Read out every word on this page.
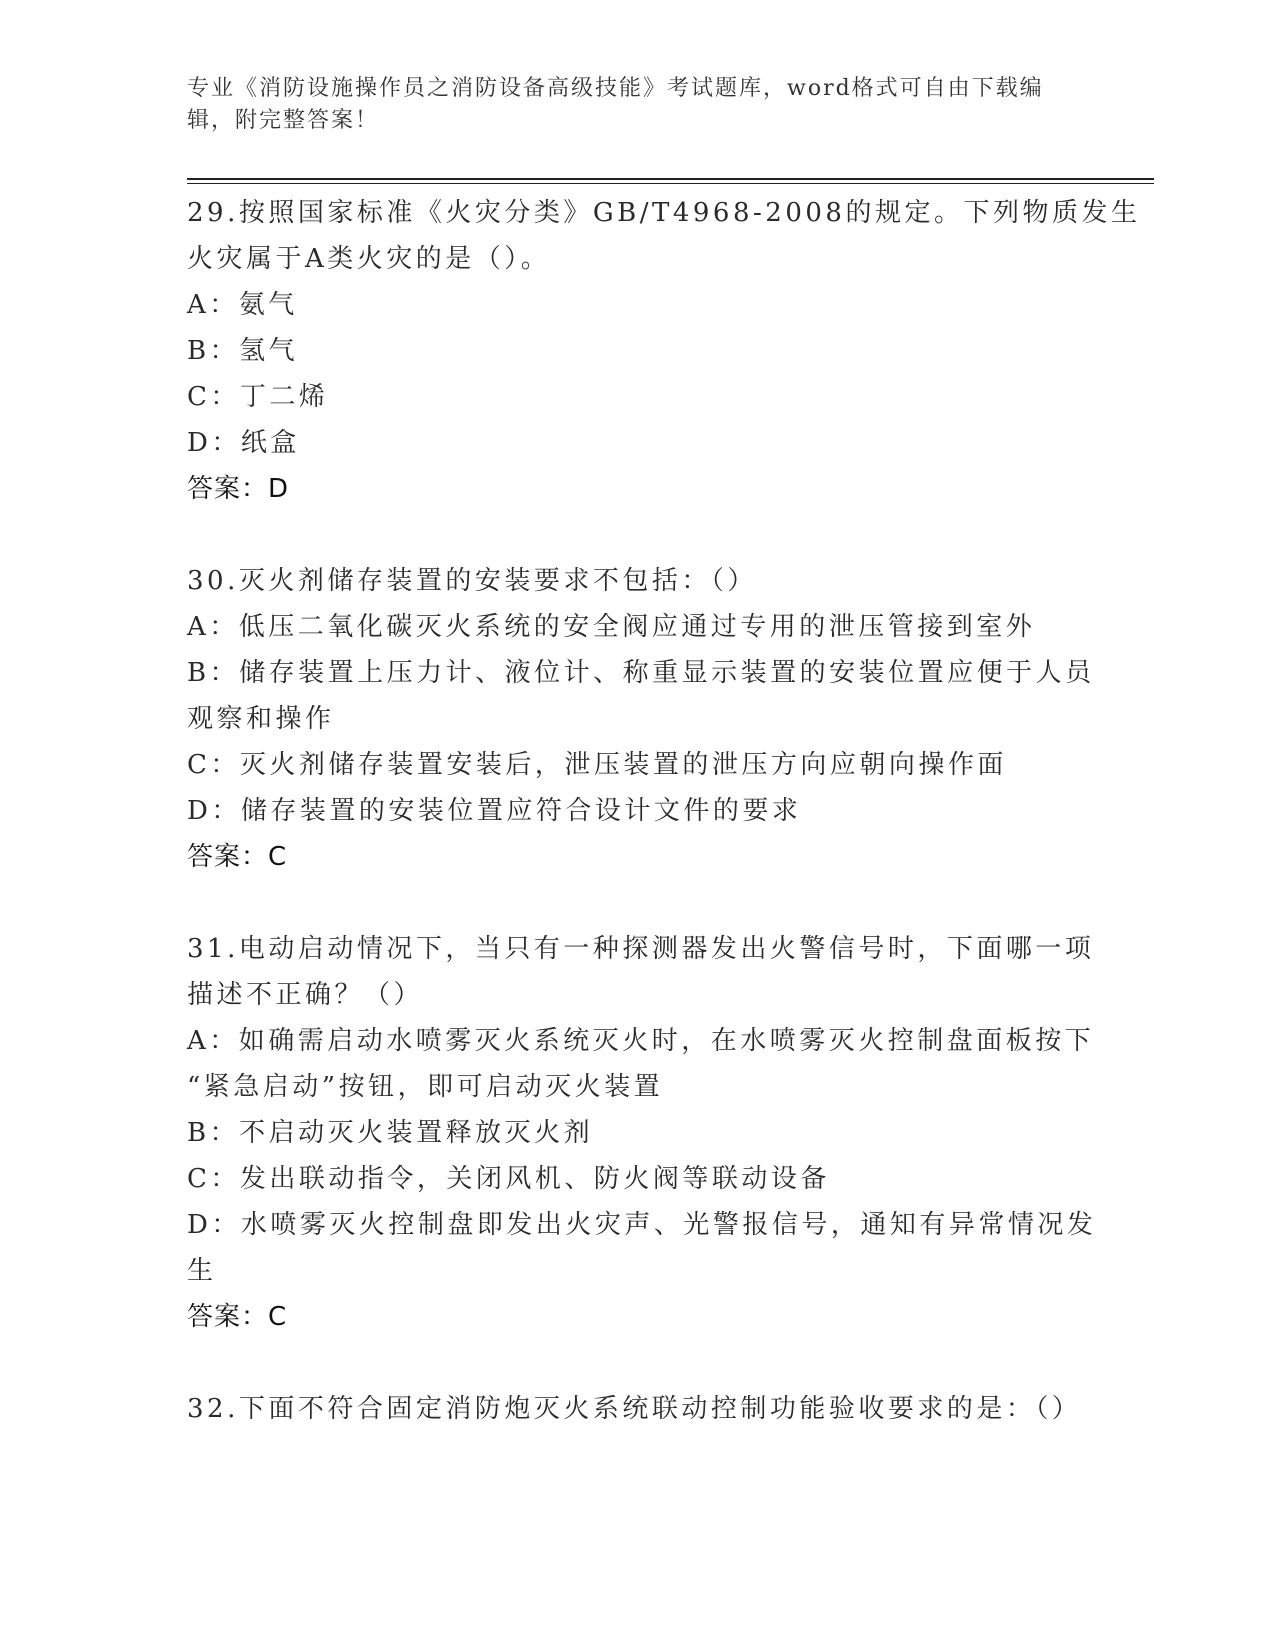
专业《消防设施操作员之消防设备高级技能》考试题库，word格式可自由下载编
辑，附完整答案！
29.按照国家标准《火灾分类》GB/T4968-2008的规定。下列物质发生
火灾属于A类火灾的是（）。
A：氨气
B：氢气
C：丁二烯
D：纸盒
答案：D
30.灭火剂储存装置的安装要求不包括：（）
A：低压二氧化碳灭火系统的安全阀应通过专用的泄压管接到室外
B：储存装置上压力计、液位计、称重显示装置的安装位置应便于人员
观察和操作
C：灭火剂储存装置安装后，泄压装置的泄压方向应朝向操作面
D：储存装置的安装位置应符合设计文件的要求
答案：C
31.电动启动情况下，当只有一种探测器发出火警信号时，下面哪一项
描述不正确？（）
A：如确需启动水喷雾灭火系统灭火时，在水喷雾灭火控制盘面板按下
“紧急启动”按钮，即可启动灭火装置
B：不启动灭火装置释放灭火剂
C：发出联动指令，关闭风机、防火阀等联动设备
D：水喷雾灭火控制盘即发出火灾声、光警报信号，通知有异常情况发
生
答案：C
32.下面不符合固定消防炮灭火系统联动控制功能验收要求的是：（）
